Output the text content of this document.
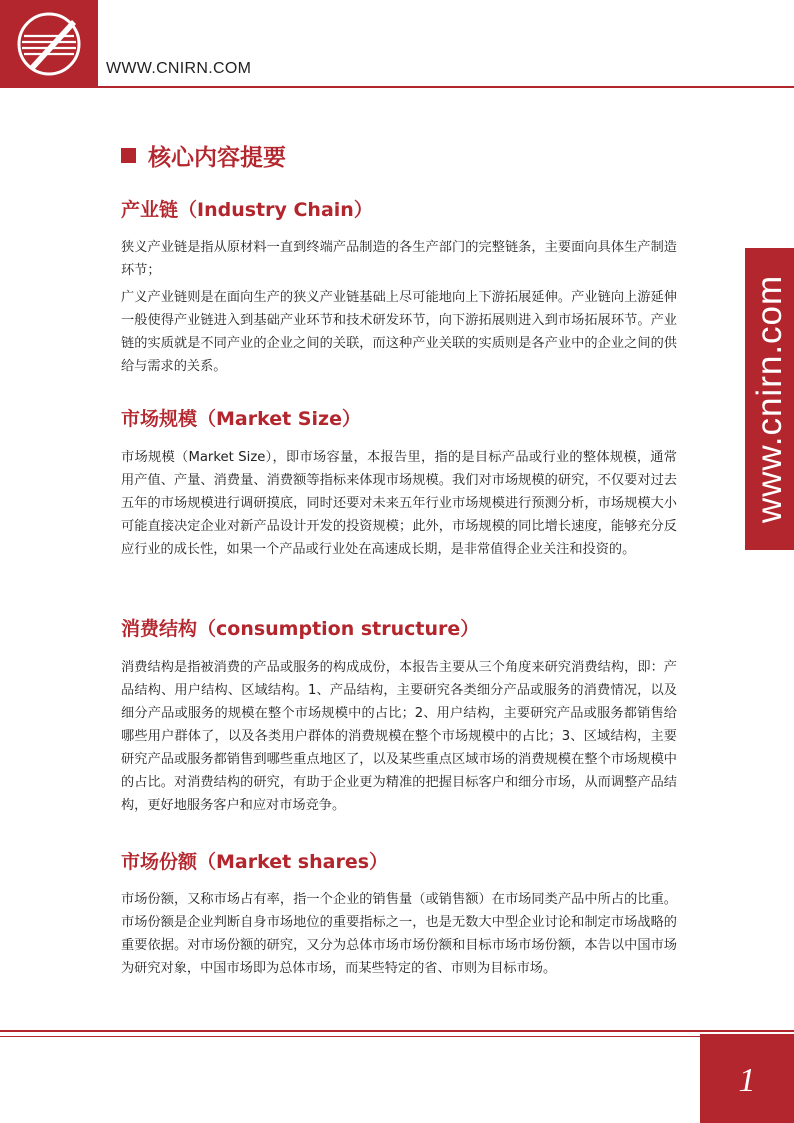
WWW.CNIRN.COM
www.cnirn.com
核心内容提要
产业链（Industry Chain）
狭义产业链是指从原材料一直到终端产品制造的各生产部门的完整链条，主要面向具体生产制造环节；
广义产业链则是在面向生产的狭义产业链基础上尽可能地向上下游拓展延伸。产业链向上游延伸一般使得产业链进入到基础产业环节和技术研发环节，向下游拓展则进入到市场拓展环节。产业链的实质就是不同产业的企业之间的关联，而这种产业关联的实质则是各产业中的企业之间的供给与需求的关系。
市场规模（Market Size）
市场规模（Market Size），即市场容量，本报告里，指的是目标产品或行业的整体规模，通常用产值、产量、消费量、消费额等指标来体现市场规模。我们对市场规模的研究，不仅要对过去五年的市场规模进行调研摸底，同时还要对未来五年行业市场规模进行预测分析，市场规模大小可能直接决定企业对新产品设计开发的投资规模；此外，市场规模的同比增长速度，能够充分反应行业的成长性，如果一个产品或行业处在高速成长期，是非常值得企业关注和投资的。
消费结构（consumption structure）
消费结构是指被消费的产品或服务的构成成份，本报告主要从三个角度来研究消费结构，即：产品结构、用户结构、区域结构。1、产品结构，主要研究各类细分产品或服务的消费情况，以及细分产品或服务的规模在整个市场规模中的占比；2、用户结构，主要研究产品或服务都销售给哪些用户群体了，以及各类用户群体的消费规模在整个市场规模中的占比；3、区域结构，主要研究产品或服务都销售到哪些重点地区了，以及某些重点区域市场的消费规模在整个市场规模中的占比。对消费结构的研究，有助于企业更为精准的把握目标客户和细分市场，从而调整产品结构，更好地服务客户和应对市场竞争。
市场份额（Market shares）
市场份额，又称市场占有率，指一个企业的销售量（或销售额）在市场同类产品中所占的比重。市场份额是企业判断自身市场地位的重要指标之一，也是无数大中型企业讨论和制定市场战略的重要依据。对市场份额的研究，又分为总体市场市场份额和目标市场市场份额，本告以中国市场为研究对象，中国市场即为总体市场，而某些特定的省、市则为目标市场。
1
